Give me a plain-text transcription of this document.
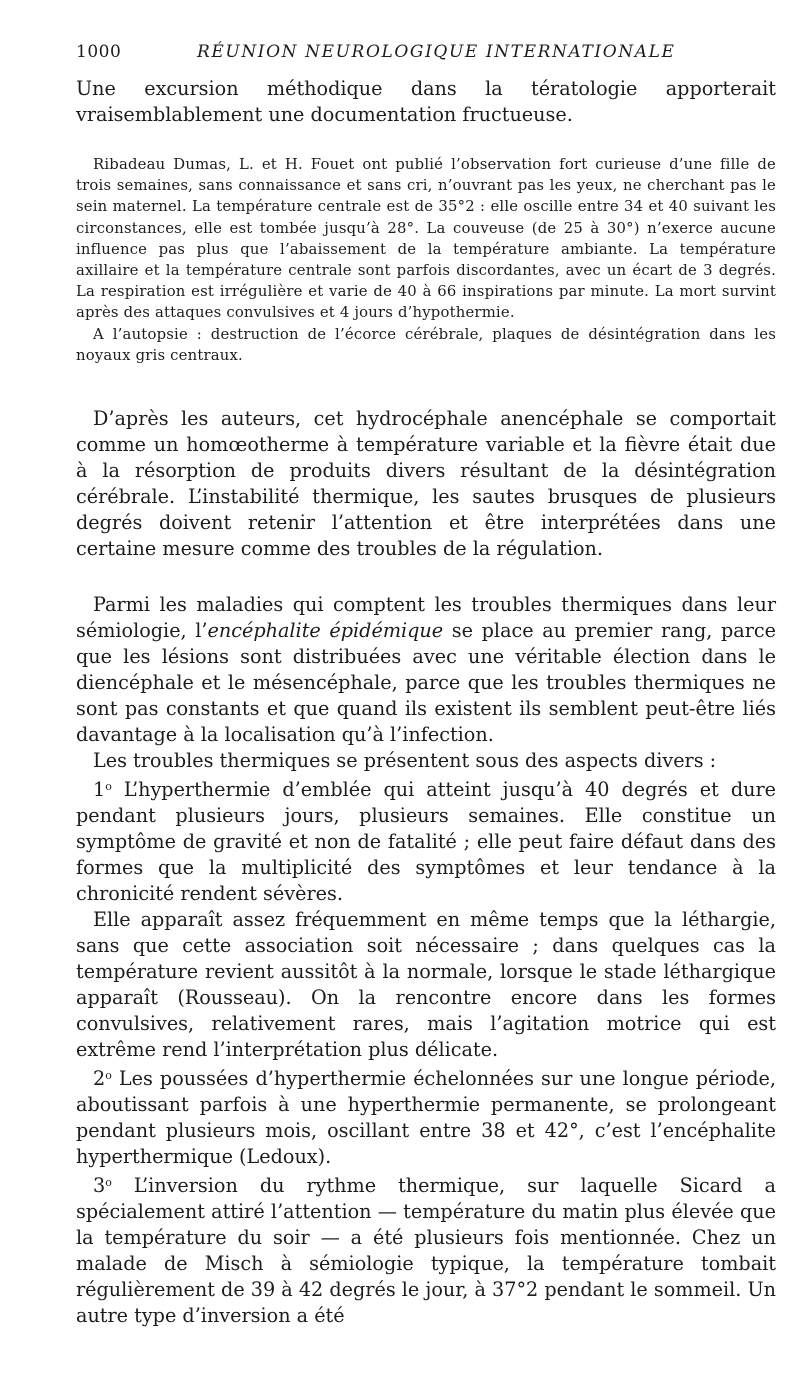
1000	RÉUNION NEUROLOGIQUE INTERNATIONALE

Une excursion méthodique dans la tératologie apporterait vraisemblablement une documentation fructueuse.

Ribadeau Dumas, L. et H. Fouet ont publié l’observation fort curieuse d’une fille de trois semaines, sans connaissance et sans cri, n’ouvrant pas les yeux, ne cherchant pas le sein maternel. La température centrale est de 35°2 : elle oscille entre 34 et 40 suivant les circonstances, elle est tombée jusqu’à 28°. La couveuse (de 25 à 30°) n’exerce aucune influence pas plus que l’abaissement de la température ambiante. La température axillaire et la température centrale sont parfois discordantes, avec un écart de 3 degrés. La respiration est irrégulière et varie de 40 à 66 inspirations par minute. La mort survint après des attaques convulsives et 4 jours d’hypothermie.

A l’autopsie : destruction de l’écorce cérébrale, plaques de désintégration dans les noyaux gris centraux.

D’après les auteurs, cet hydrocéphale anencéphale se comportait comme un homœotherme à température variable et la fièvre était due à la résorption de produits divers résultant de la désintégration cérébrale. L’instabilité thermique, les sautes brusques de plusieurs degrés doivent retenir l’attention et être interprétées dans une certaine mesure comme des troubles de la régulation.

Parmi les maladies qui comptent les troubles thermiques dans leur sémiologie, l’encéphalite épidémique se place au premier rang, parce que les lésions sont distribuées avec une véritable élection dans le diencéphale et le mésencéphale, parce que les troubles thermiques ne sont pas constants et que quand ils existent ils semblent peut-être liés davantage à la localisation qu’à l’infection.

Les troubles thermiques se présentent sous des aspects divers :

1$^o$ L’hyperthermie d’emblée qui atteint jusqu’à 40 degrés et dure pendant plusieurs jours, plusieurs semaines. Elle constitue un symptôme de gravité et non de fatalité ; elle peut faire défaut dans des formes que la multiplicité des symptômes et leur tendance à la chronicité rendent sévères.

Elle apparaît assez fréquemment en même temps que la léthargie, sans que cette association soit nécessaire ; dans quelques cas la température revient aussitôt à la normale, lorsque le stade léthargique apparaît (Rousseau). On la rencontre encore dans les formes convulsives, relativement rares, mais l’agitation motrice qui est extrême rend l’interprétation plus délicate.

2$^o$ Les poussées d’hyperthermie échelonnées sur une longue période, aboutissant parfois à une hyperthermie permanente, se prolongeant pendant plusieurs mois, oscillant entre 38 et 42°, c’est l’encéphalite hyperthermique (Ledoux).

3$^o$ L’inversion du rythme thermique, sur laquelle Sicard a spécialement attiré l’attention — température du matin plus élevée que la température du soir — a été plusieurs fois mentionnée. Chez un malade de Misch à sémiologie typique, la température tombait régulièrement de 39 à 42 degrés le jour, à 37°2 pendant le sommeil. Un autre type d’inversion a été
